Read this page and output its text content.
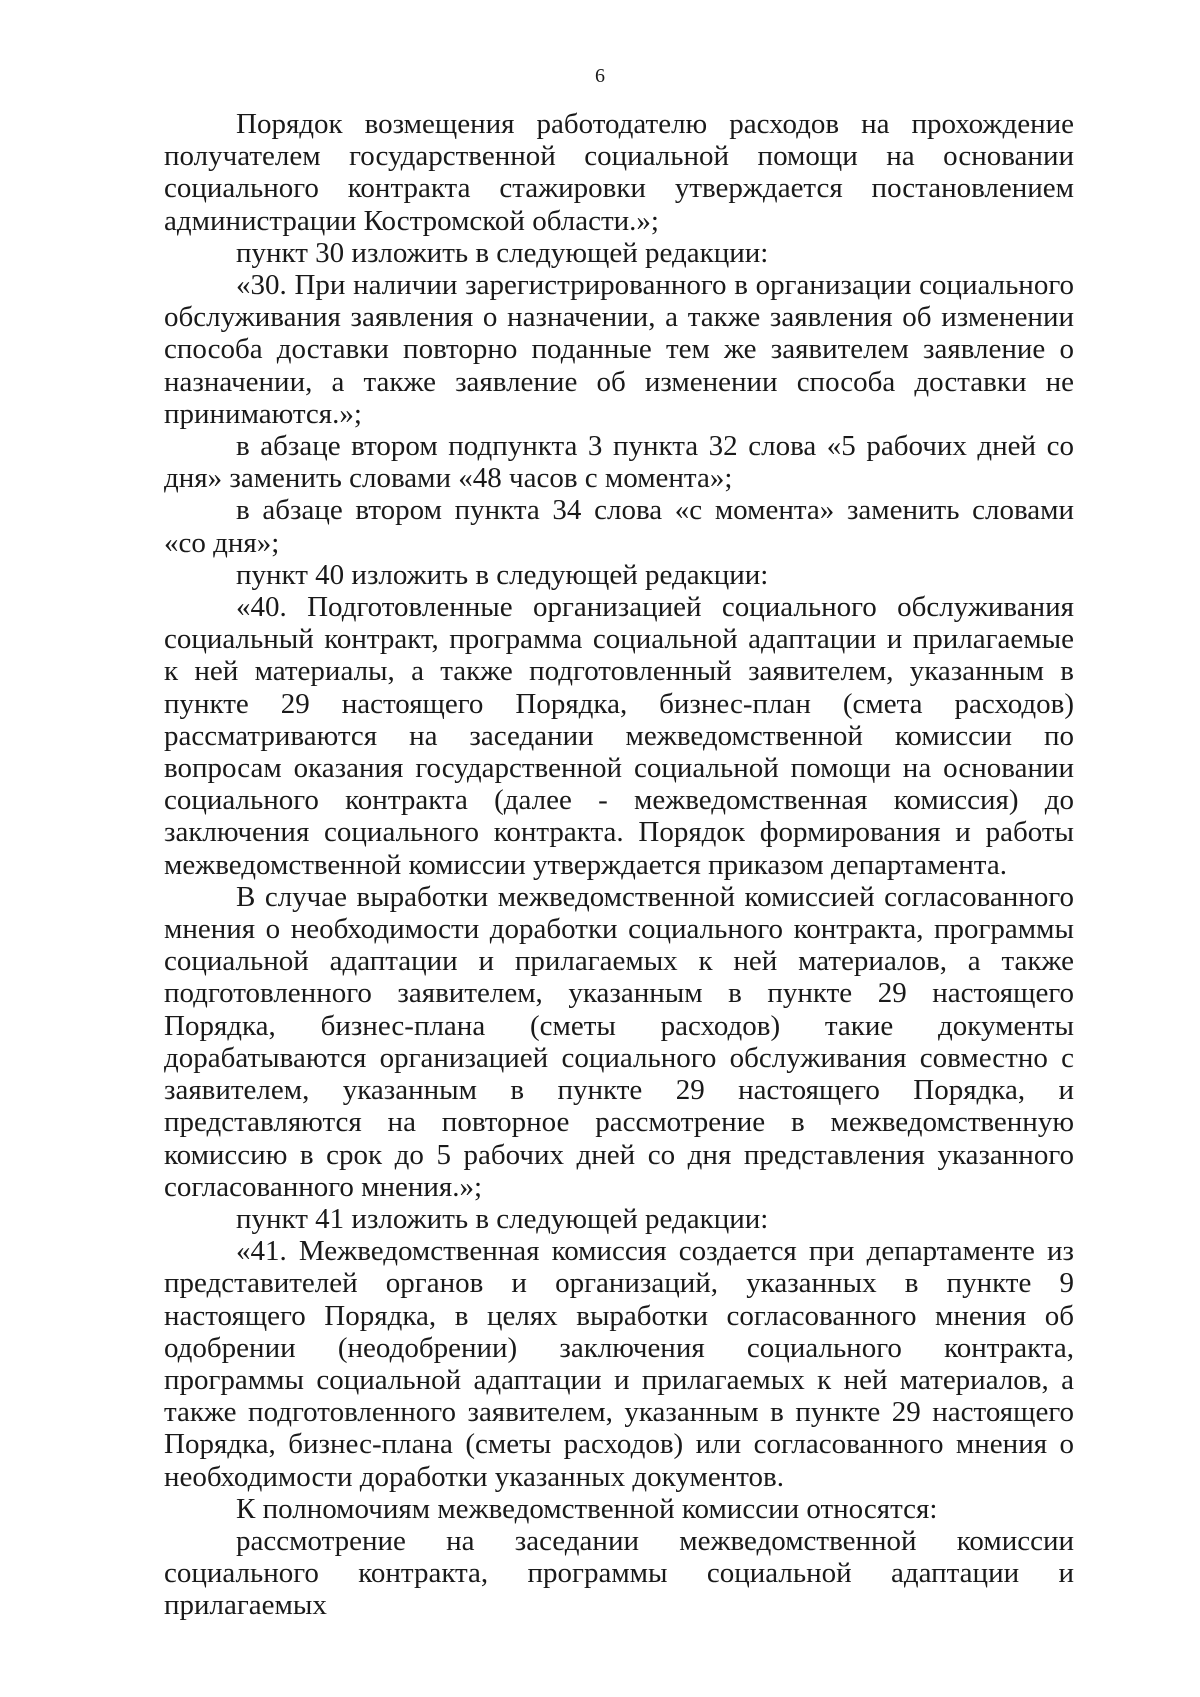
6

Порядок возмещения работодателю расходов на прохождение получателем государственной социальной помощи на основании социального контракта стажировки утверждается постановлением администрации Костромской области.»;

пункт 30 изложить в следующей редакции:

«30. При наличии зарегистрированного в организации социального обслуживания заявления о назначении, а также заявления об изменении способа доставки повторно поданные тем же заявителем заявление о назначении, а также заявление об изменении способа доставки не принимаются.»;

в абзаце втором подпункта 3 пункта 32 слова «5 рабочих дней со дня» заменить словами «48 часов с момента»;

в абзаце втором пункта 34 слова «с момента» заменить словами «со дня»;

пункт 40 изложить в следующей редакции:

«40. Подготовленные организацией социального обслуживания социальный контракт, программа социальной адаптации и прилагаемые к ней материалы, а также подготовленный заявителем, указанным в пункте 29 настоящего Порядка, бизнес-план (смета расходов) рассматриваются на заседании межведомственной комиссии по вопросам оказания государственной социальной помощи на основании социального контракта (далее - межведомственная комиссия) до заключения социального контракта. Порядок формирования и работы межведомственной комиссии утверждается приказом департамента.

В случае выработки межведомственной комиссией согласованного мнения о необходимости доработки социального контракта, программы социальной адаптации и прилагаемых к ней материалов, а также подготовленного заявителем, указанным в пункте 29 настоящего Порядка, бизнес-плана (сметы расходов) такие документы дорабатываются организацией социального обслуживания совместно с заявителем, указанным в пункте 29 настоящего Порядка, и представляются на повторное рассмотрение в межведомственную комиссию в срок до 5 рабочих дней со дня представления указанного согласованного мнения.»;

пункт 41 изложить в следующей редакции:

«41. Межведомственная комиссия создается при департаменте из представителей органов и организаций, указанных в пункте 9 настоящего Порядка, в целях выработки согласованного мнения об одобрении (неодобрении) заключения социального контракта, программы социальной адаптации и прилагаемых к ней материалов, а также подготовленного заявителем, указанным в пункте 29 настоящего Порядка, бизнес-плана (сметы расходов) или согласованного мнения о необходимости доработки указанных документов.

К полномочиям межведомственной комиссии относятся:

рассмотрение на заседании межведомственной комиссии социального контракта, программы социальной адаптации и прилагаемых
